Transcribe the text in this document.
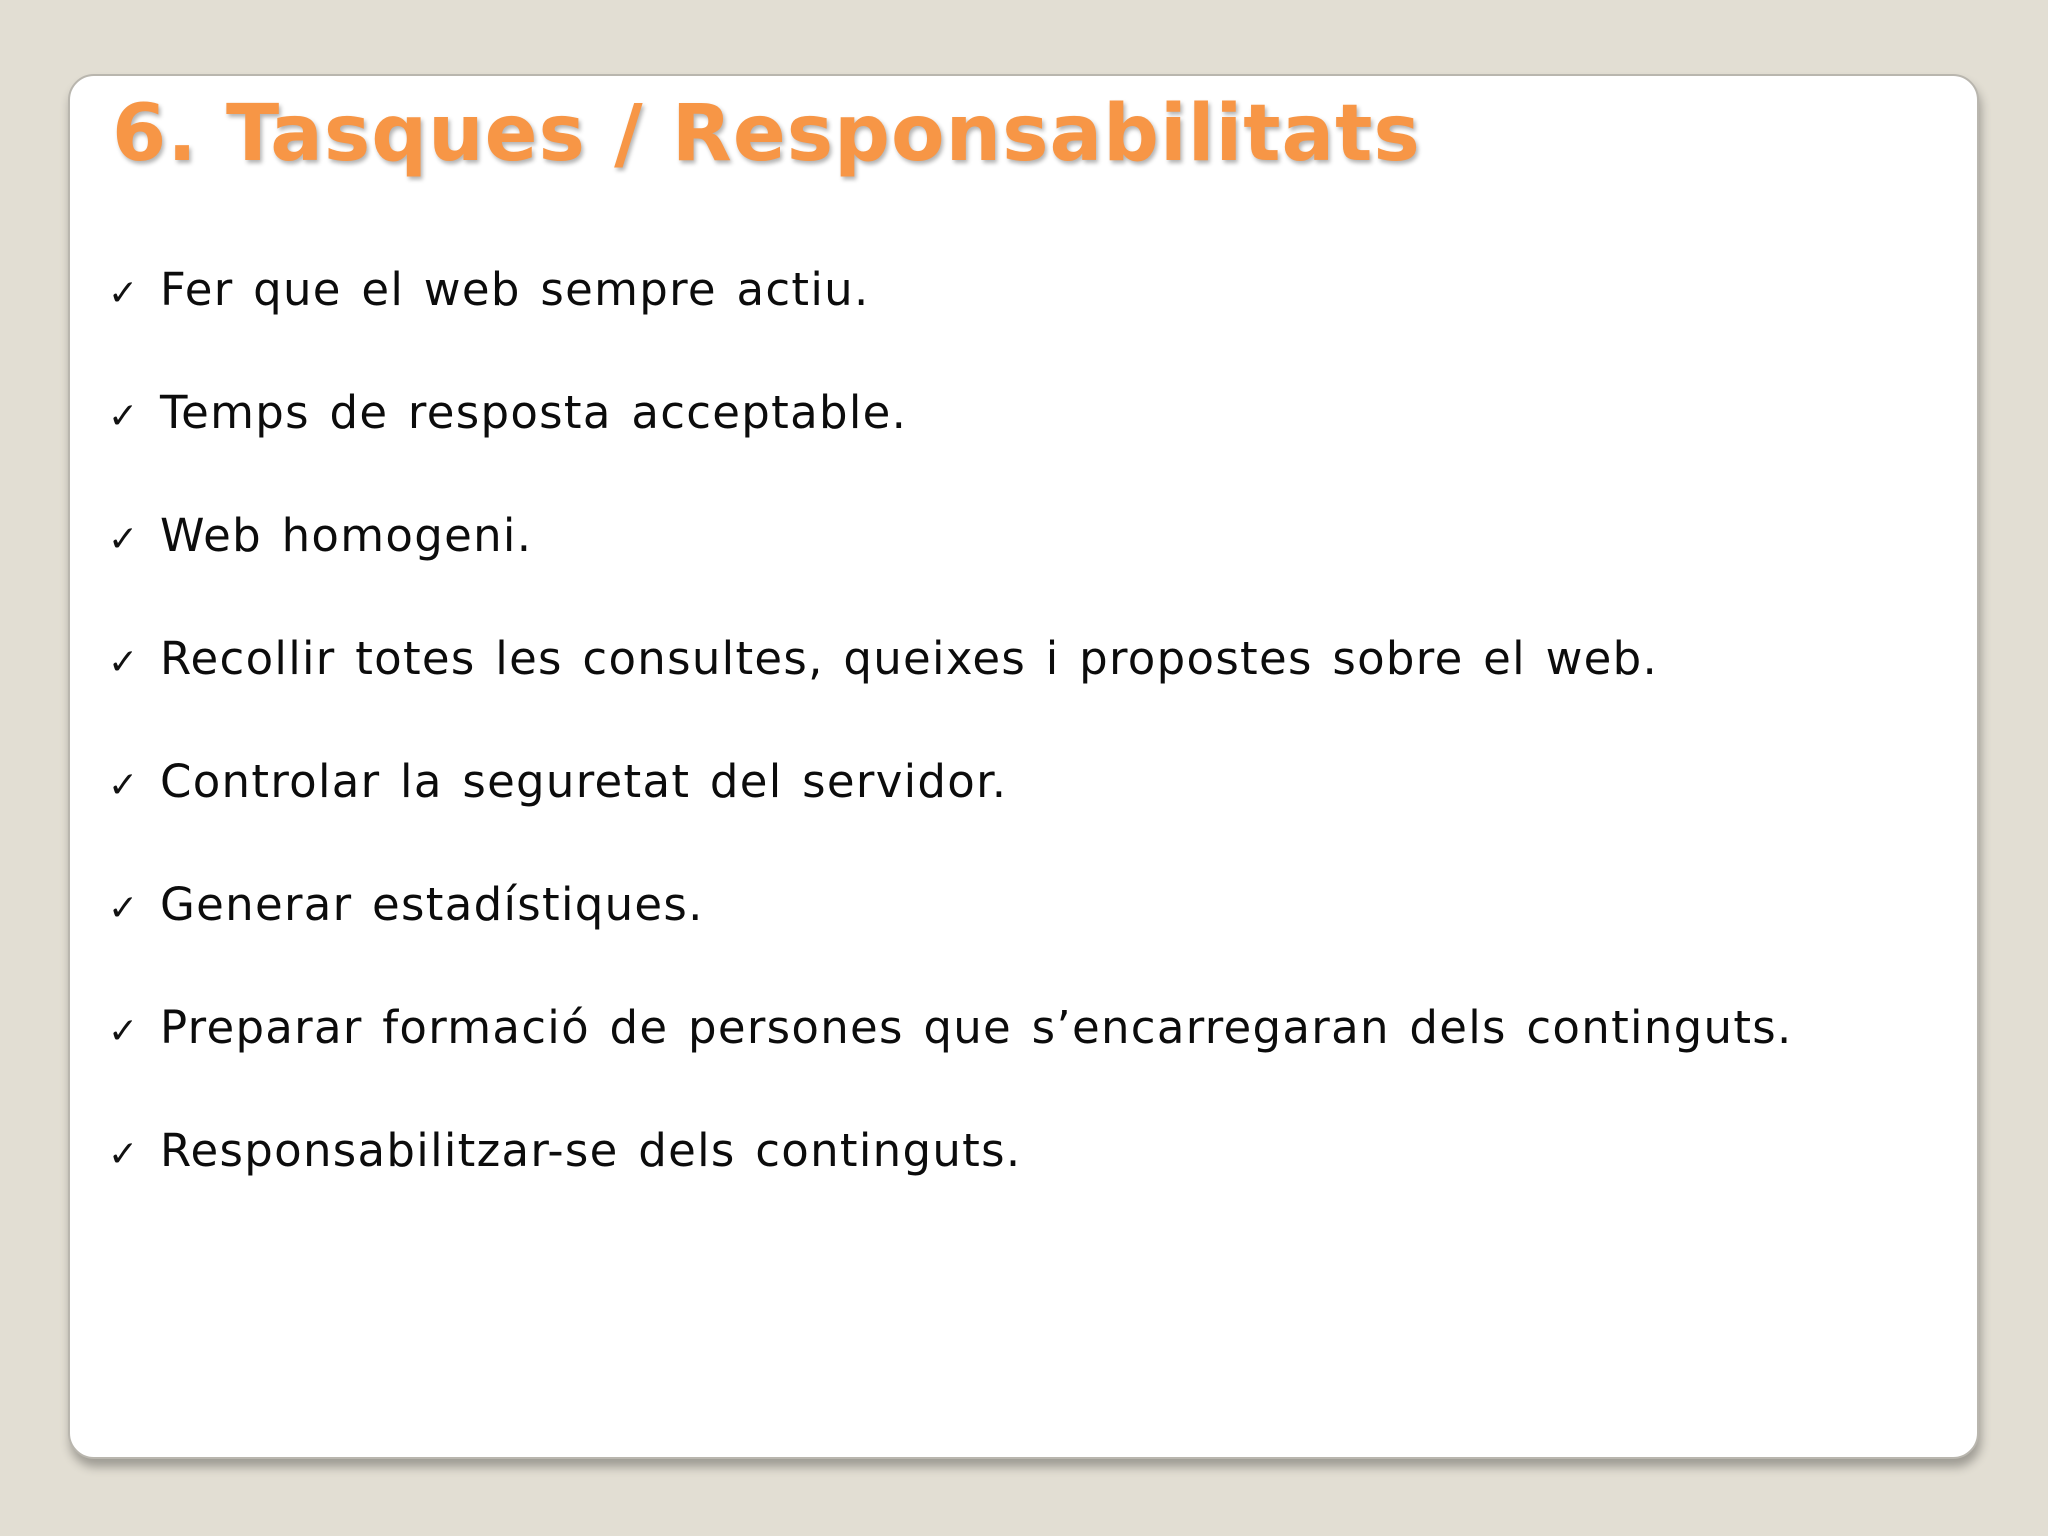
6. Tasques / Responsabilitats
✓ Fer que el web sempre actiu.
✓ Temps de resposta acceptable.
✓ Web homogeni.
✓ Recollir totes les consultes, queixes i propostes sobre el web.
✓ Controlar la seguretat del servidor.
✓ Generar estadístiques.
✓ Preparar formació de persones que s’encarregaran dels continguts.
✓ Responsabilitzar-se dels continguts.
